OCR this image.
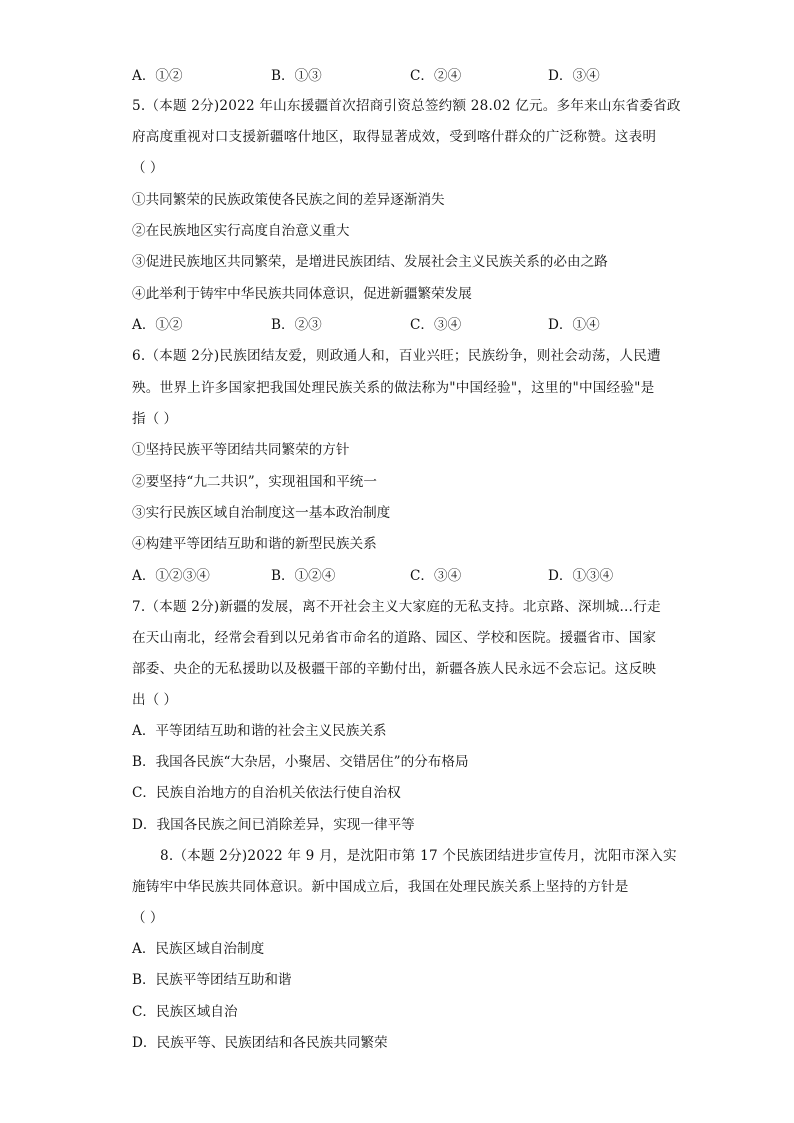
A．①②	B．①③	C．②④	D．③④
5.（本题 2分)2022 年山东援疆首次招商引资总签约额 28.02 亿元。多年来山东省委省政
府高度重视对口支援新疆喀什地区，取得显著成效，受到喀什群众的广泛称赞。这表明
（ ）
①共同繁荣的民族政策使各民族之间的差异逐渐消失
②在民族地区实行高度自治意义重大
③促进民族地区共同繁荣，是增进民族团结、发展社会主义民族关系的必由之路
④此举利于铸牢中华民族共同体意识，促进新疆繁荣发展
A．①②	B．②③	C．③④	D．①④
6.（本题 2分)民族团结友爱，则政通人和，百业兴旺；民族纷争，则社会动荡，人民遭
殃。世界上许多国家把我国处理民族关系的做法称为"中国经验"，这里的"中国经验"是
指（ ）
①坚持民族平等团结共同繁荣的方针
②要坚持“九二共识”，实现祖国和平统一
③实行民族区域自治制度这一基本政治制度
④构建平等团结互助和谐的新型民族关系
A．①②③④	B．①②④	C．③④	D．①③④
7.（本题 2分)新疆的发展，离不开社会主义大家庭的无私支持。北京路、深圳城…行走
在天山南北，经常会看到以兄弟省市命名的道路、园区、学校和医院。援疆省市、国家
部委、央企的无私援助以及极疆干部的辛勤付出，新疆各族人民永远不会忘记。这反映
出（ ）
A．平等团结互助和谐的社会主义民族关系
B．我国各民族“大杂居，小聚居、交错居住”的分布格局
C．民族自治地方的自治机关依法行使自治权
D．我国各民族之间已消除差异，实现一律平等
8.（本题 2分)2022 年 9 月，是沈阳市第 17 个民族团结进步宣传月，沈阳市深入实
施铸牢中华民族共同体意识。新中国成立后，我国在处理民族关系上坚持的方针是
（ ）
A．民族区域自治制度
B．民族平等团结互助和谐
C．民族区域自治
D．民族平等、民族团结和各民族共同繁荣
